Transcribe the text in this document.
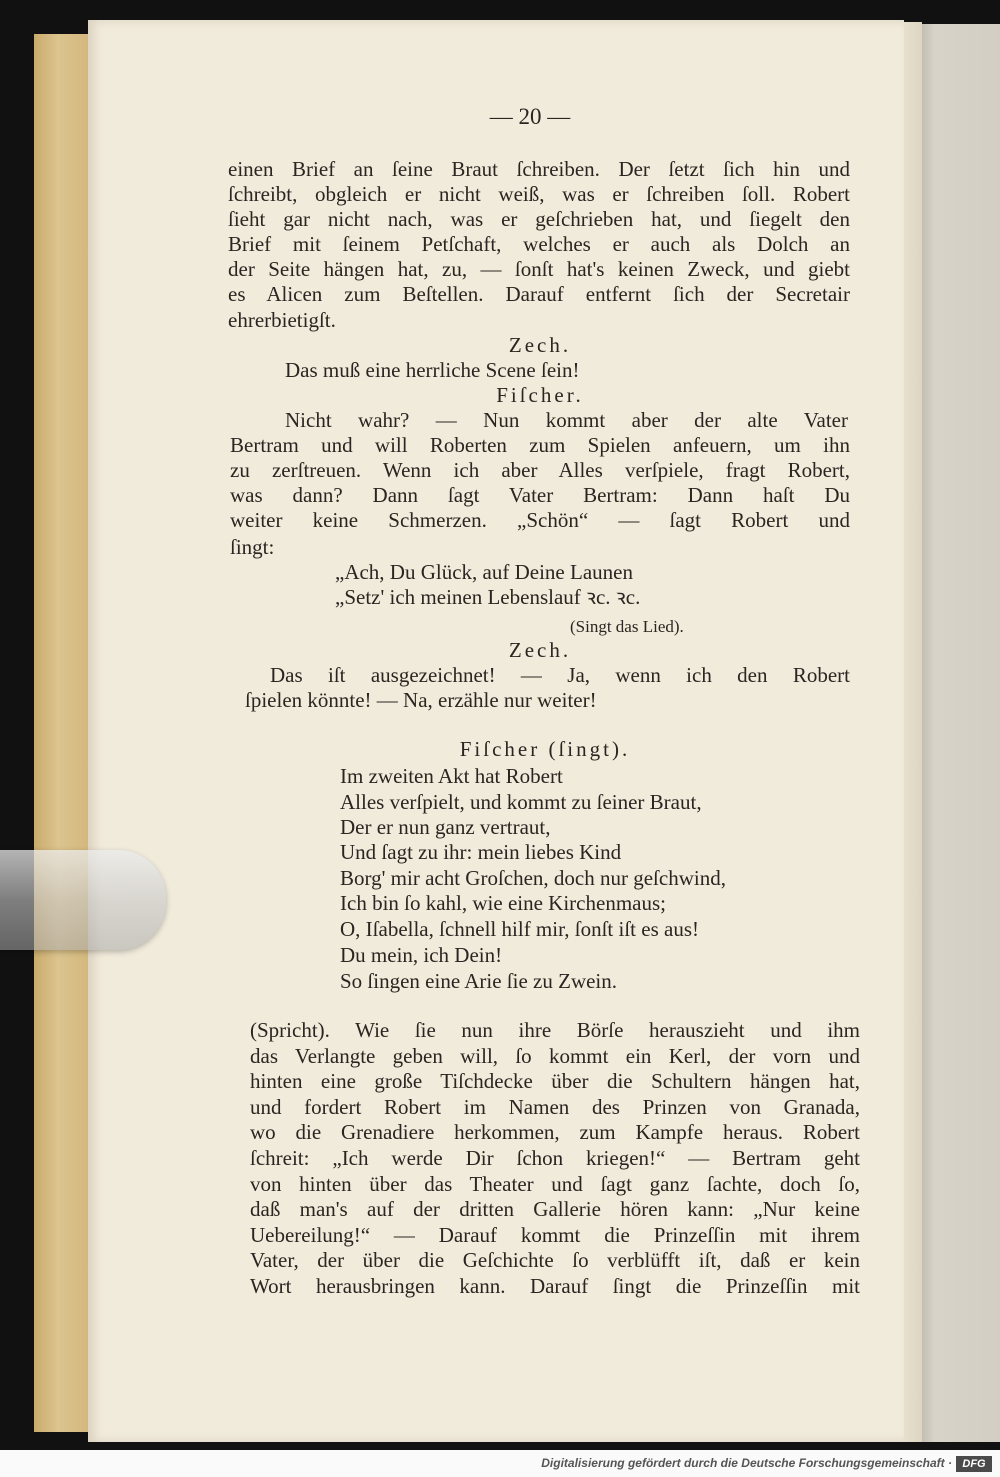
— 20 —
einen Brief an ſeine Braut ſchreiben. Der ſetzt ſich hin und
ſchreibt, obgleich er nicht weiß, was er ſchreiben ſoll. Robert
ſieht gar nicht nach, was er geſchrieben hat, und ſiegelt den
Brief mit ſeinem Petſchaft, welches er auch als Dolch an
der Seite hängen hat, zu, — ſonſt hat's keinen Zweck, und giebt
es Alicen zum Beſtellen. Darauf entfernt ſich der Secretair
ehrerbietigſt.
Zech.
Das muß eine herrliche Scene ſein!
Fiſcher.
Nicht wahr? — Nun kommt aber der alte Vater
Bertram und will Roberten zum Spielen anfeuern, um ihn
zu zerſtreuen. Wenn ich aber Alles verſpiele, fragt Robert,
was dann? Dann ſagt Vater Bertram: Dann haſt Du
weiter keine Schmerzen. „Schön“ — ſagt Robert und
ſingt:
„Ach, Du Glück, auf Deine Launen
„Setz' ich meinen Lebenslauf ꝛc. ꝛc.
(Singt das Lied).
Zech.
Das iſt ausgezeichnet! — Ja, wenn ich den Robert
ſpielen könnte! — Na, erzähle nur weiter!
Fiſcher (ſingt).
Im zweiten Akt hat Robert
Alles verſpielt, und kommt zu ſeiner Braut,
Der er nun ganz vertraut,
Und ſagt zu ihr: mein liebes Kind
Borg' mir acht Groſchen, doch nur geſchwind,
Ich bin ſo kahl, wie eine Kirchenmaus;
O, Iſabella, ſchnell hilf mir, ſonſt iſt es aus!
Du mein, ich Dein!
So ſingen eine Arie ſie zu Zwein.
(Spricht). Wie ſie nun ihre Börſe herauszieht und ihm
das Verlangte geben will, ſo kommt ein Kerl, der vorn und
hinten eine große Tiſchdecke über die Schultern hängen hat,
und fordert Robert im Namen des Prinzen von Granada,
wo die Grenadiere herkommen, zum Kampfe heraus. Robert
ſchreit: „Ich werde Dir ſchon kriegen!“ — Bertram geht
von hinten über das Theater und ſagt ganz ſachte, doch ſo,
daß man's auf der dritten Gallerie hören kann: „Nur keine
Uebereilung!“ — Darauf kommt die Prinzeſſin mit ihrem
Vater, der über die Geſchichte ſo verblüfft iſt, daß er kein
Wort herausbringen kann. Darauf ſingt die Prinzeſſin mit
Digitalisierung gefördert durch die Deutsche Forschungsgemeinschaft · DFG
